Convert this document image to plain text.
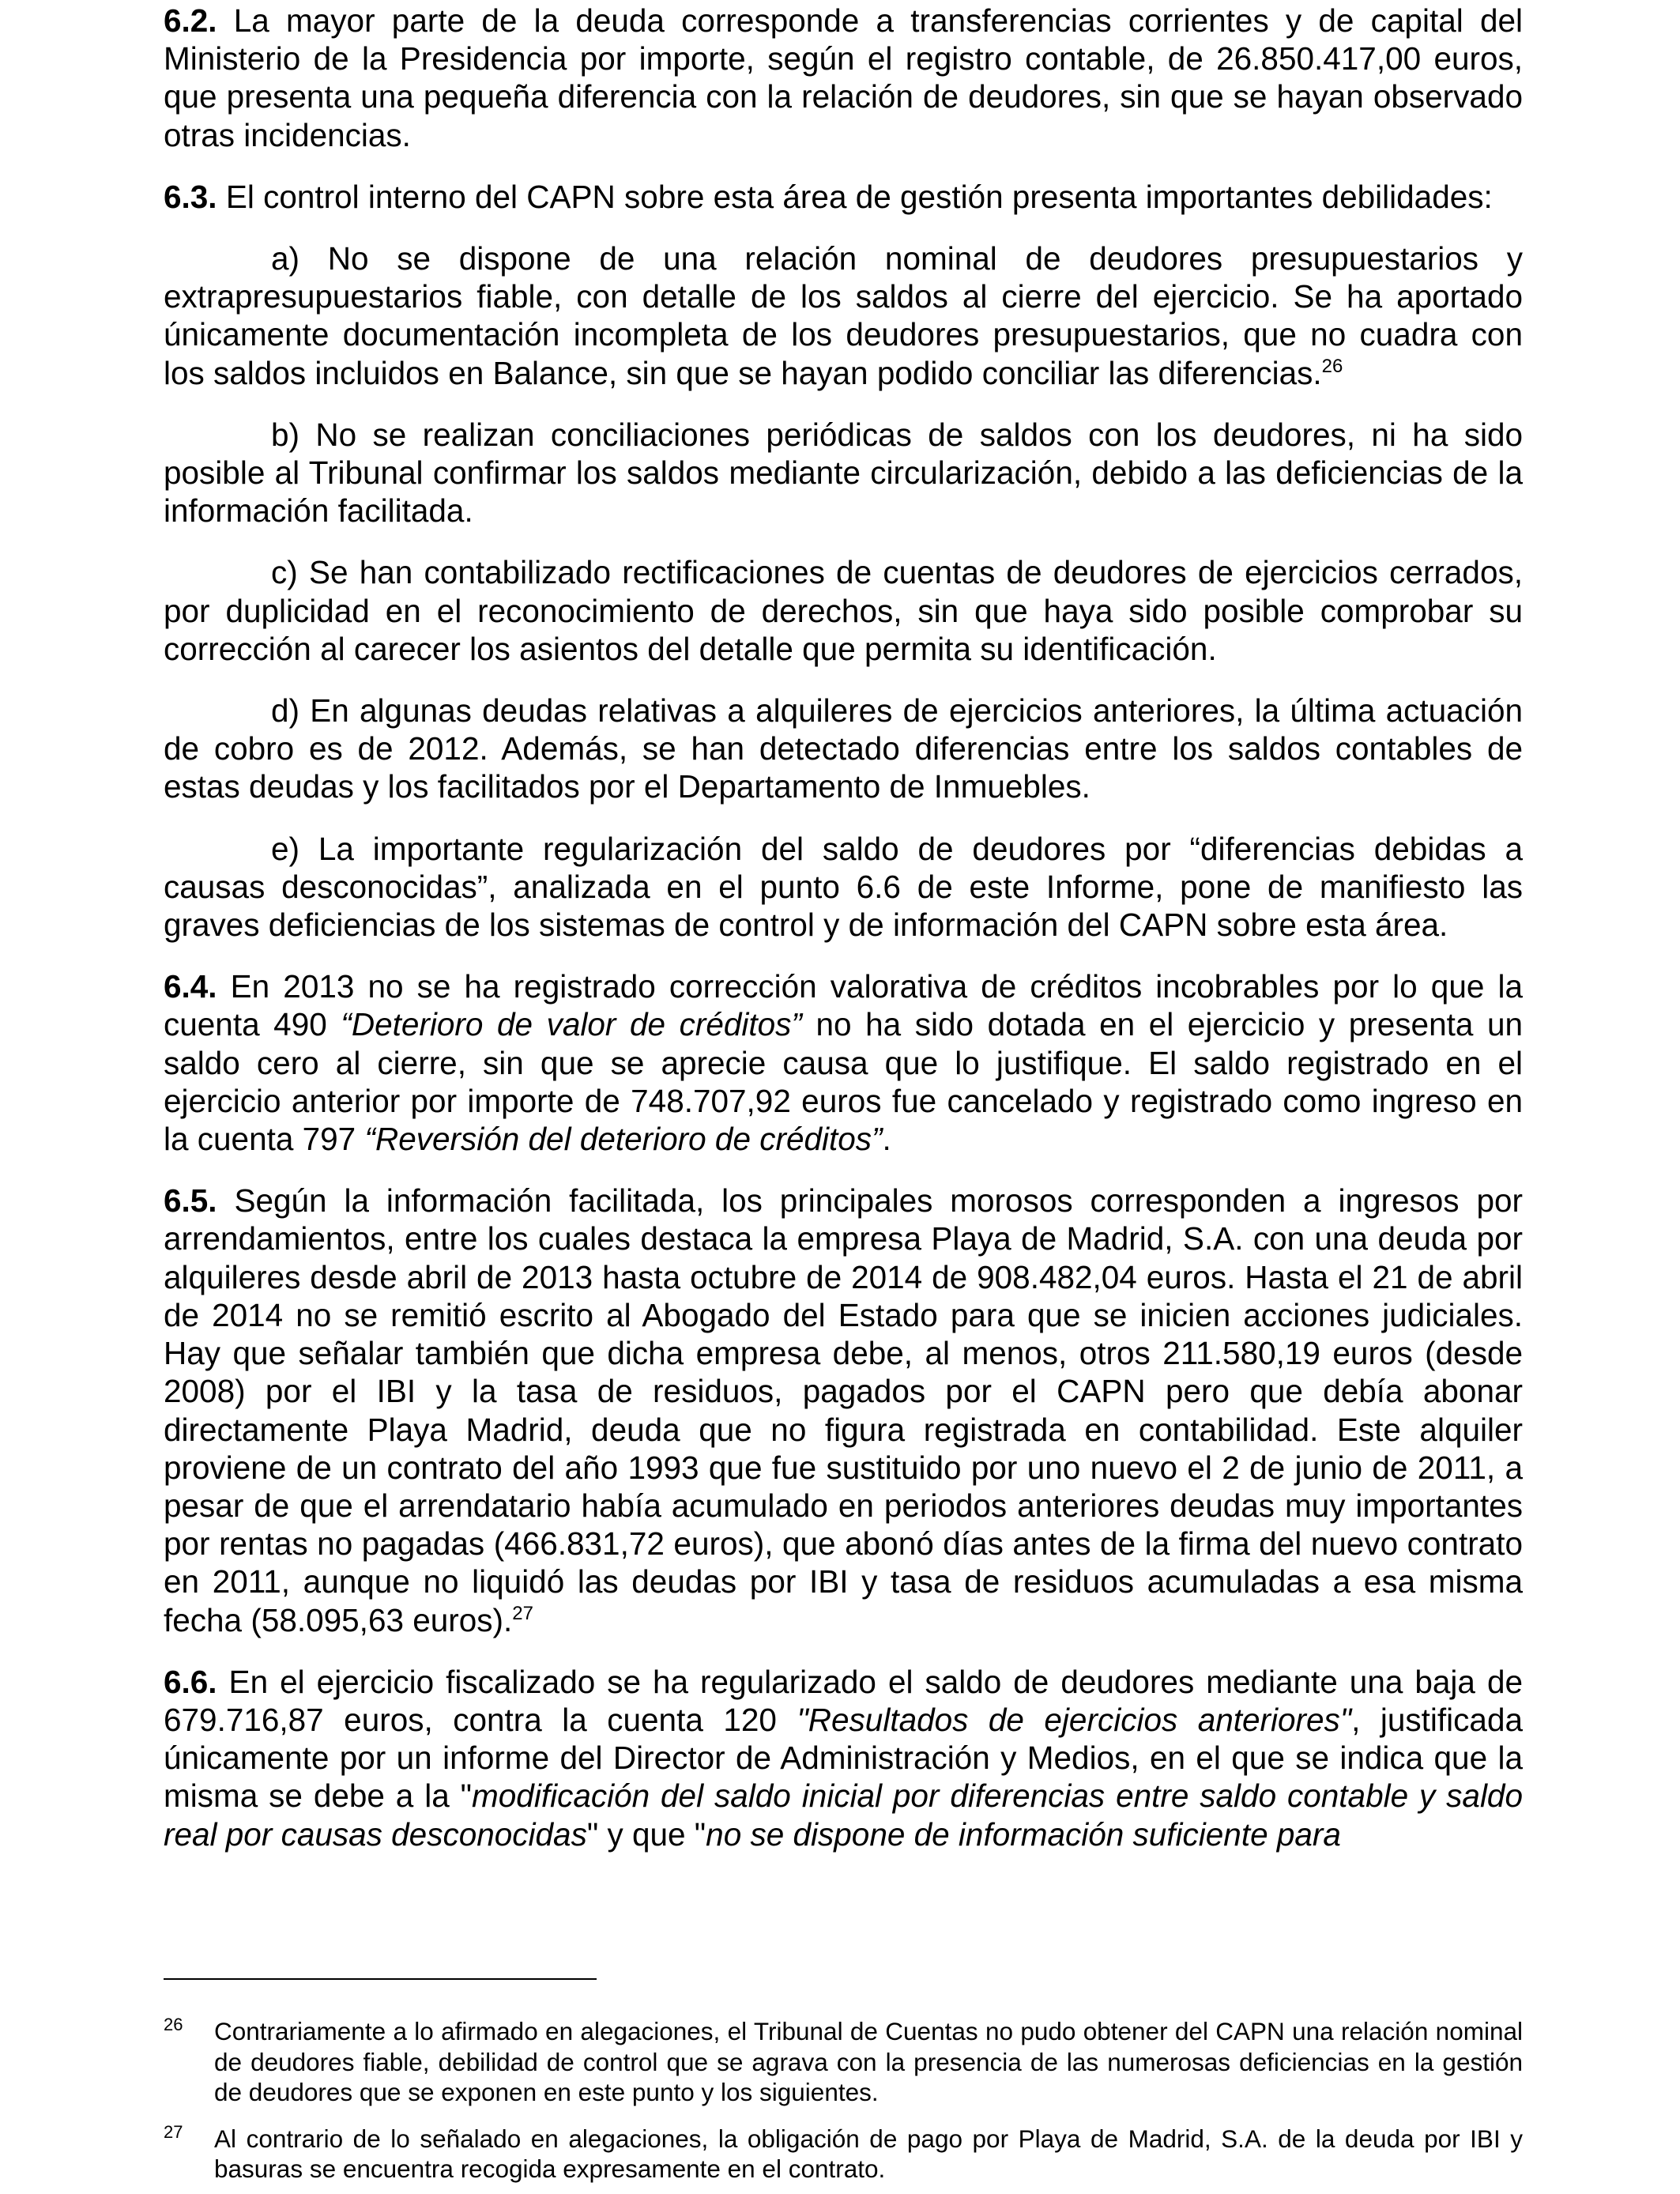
6.2. La mayor parte de la deuda corresponde a transferencias corrientes y de capital del Ministerio de la Presidencia por importe, según el registro contable, de 26.850.417,00 euros, que presenta una pequeña diferencia con la relación de deudores, sin que se hayan observado otras incidencias.

6.3. El control interno del CAPN sobre esta área de gestión presenta importantes debilidades:

a) No se dispone de una relación nominal de deudores presupuestarios y extrapresupuestarios fiable, con detalle de los saldos al cierre del ejercicio. Se ha aportado únicamente documentación incompleta de los deudores presupuestarios, que no cuadra con los saldos incluidos en Balance, sin que se hayan podido conciliar las diferencias.$^{26}$

b) No se realizan conciliaciones periódicas de saldos con los deudores, ni ha sido posible al Tribunal confirmar los saldos mediante circularización, debido a las deficiencias de la información facilitada.

c) Se han contabilizado rectificaciones de cuentas de deudores de ejercicios cerrados, por duplicidad en el reconocimiento de derechos, sin que haya sido posible comprobar su corrección al carecer los asientos del detalle que permita su identificación.

d) En algunas deudas relativas a alquileres de ejercicios anteriores, la última actuación de cobro es de 2012. Además, se han detectado diferencias entre los saldos contables de estas deudas y los facilitados por el Departamento de Inmuebles.

e) La importante regularización del saldo de deudores por “diferencias debidas a causas desconocidas”, analizada en el punto 6.6 de este Informe, pone de manifiesto las graves deficiencias de los sistemas de control y de información del CAPN sobre esta área.

6.4. En 2013 no se ha registrado corrección valorativa de créditos incobrables por lo que la cuenta 490 “Deterioro de valor de créditos” no ha sido dotada en el ejercicio y presenta un saldo cero al cierre, sin que se aprecie causa que lo justifique. El saldo registrado en el ejercicio anterior por importe de 748.707,92 euros fue cancelado y registrado como ingreso en la cuenta 797 “Reversión del deterioro de créditos”.

6.5. Según la información facilitada, los principales morosos corresponden a ingresos por arrendamientos, entre los cuales destaca la empresa Playa de Madrid, S.A. con una deuda por alquileres desde abril de 2013 hasta octubre de 2014 de 908.482,04 euros. Hasta el 21 de abril de 2014 no se remitió escrito al Abogado del Estado para que se inicien acciones judiciales. Hay que señalar también que dicha empresa debe, al menos, otros 211.580,19 euros (desde 2008) por el IBI y la tasa de residuos, pagados por el CAPN pero que debía abonar directamente Playa Madrid, deuda que no figura registrada en contabilidad. Este alquiler proviene de un contrato del año 1993 que fue sustituido por uno nuevo el 2 de junio de 2011, a pesar de que el arrendatario había acumulado en periodos anteriores deudas muy importantes por rentas no pagadas (466.831,72 euros), que abonó días antes de la firma del nuevo contrato en 2011, aunque no liquidó las deudas por IBI y tasa de residuos acumuladas a esa misma fecha (58.095,63 euros).$^{27}$

6.6. En el ejercicio fiscalizado se ha regularizado el saldo de deudores mediante una baja de 679.716,87 euros, contra la cuenta 120 "Resultados de ejercicios anteriores", justificada únicamente por un informe del Director de Administración y Medios, en el que se indica que la misma se debe a la "modificación del saldo inicial por diferencias entre saldo contable y saldo real por causas desconocidas" y que "no se dispone de información suficiente para

26	Contrariamente a lo afirmado en alegaciones, el Tribunal de Cuentas no pudo obtener del CAPN una relación nominal de deudores fiable, debilidad de control que se agrava con la presencia de las numerosas deficiencias en la gestión de deudores que se exponen en este punto y los siguientes.
27	Al contrario de lo señalado en alegaciones, la obligación de pago por Playa de Madrid, S.A. de la deuda por IBI y basuras se encuentra recogida expresamente en el contrato.
